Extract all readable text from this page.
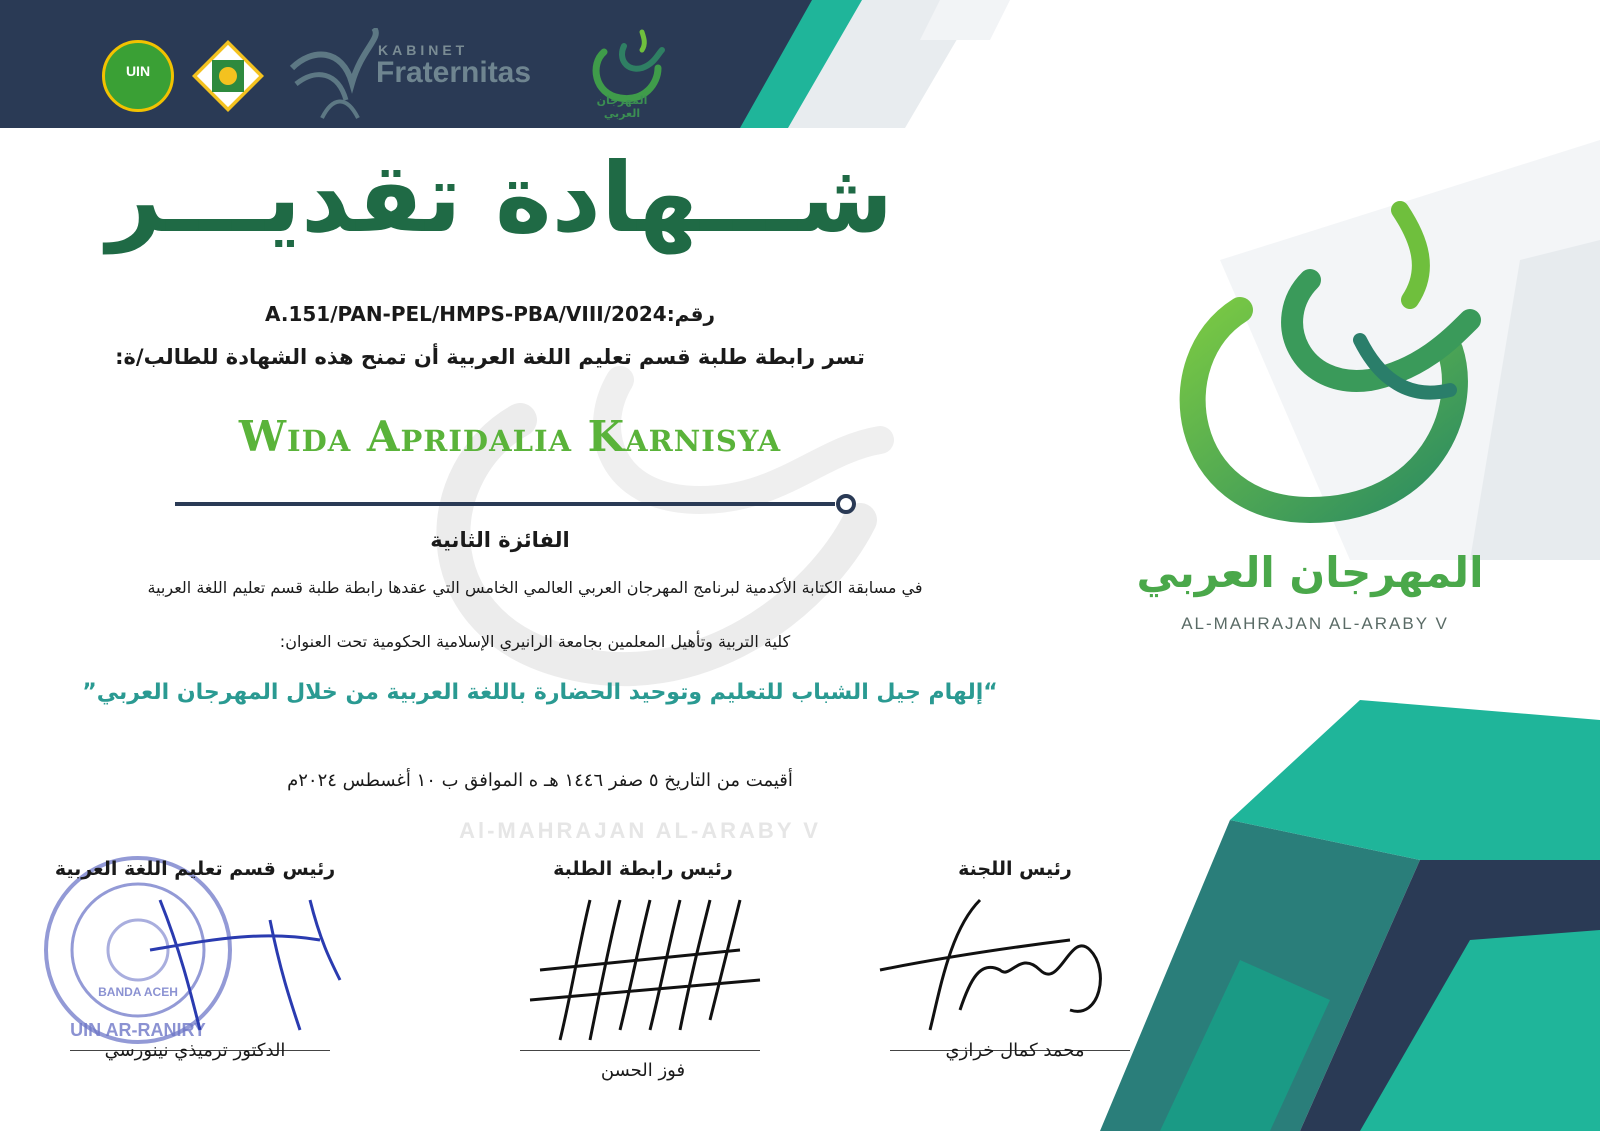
UIN
KABINET
Fraternitas
المهرجان العربي
شـــهادة تقديـــر
رقم:A.151/PAN-PEL/HMPS-PBA/VIII/2024
تسر رابطة طلبة قسم تعليم اللغة العربية أن تمنح هذه الشهادة للطالب/ة:
Wida Apridalia Karnisya
الفائزة الثانية
في مسابقة الكتابة الأكدمية لبرنامج المهرجان العربي العالمي الخامس التي عقدها رابطة طلبة قسم تعليم اللغة العربية
كلية التربية وتأهيل المعلمين بجامعة الرانيري الإسلامية الحكومية تحت العنوان:
“إلهام جيل الشباب للتعليم وتوحيد الحضارة باللغة العربية من خلال المهرجان العربي”
Al-MAHRAJAN AL-ARABY V
أقيمت من التاريخ ٥ صفر ١٤٤٦ هـ ه الموافق ب ١٠ أغسطس ٢٠٢٤م
UIN AR-RANIRY
BANDA ACEH
رئيس قسم تعليم اللغة العربية
الدكتور ترميذي نينورسي
رئيس رابطة الطلبة
فوز الحسن
رئيس اللجنة
محمد كمال خرازي
المهرجان العربي
AL-MAHRAJAN AL-ARABY V
